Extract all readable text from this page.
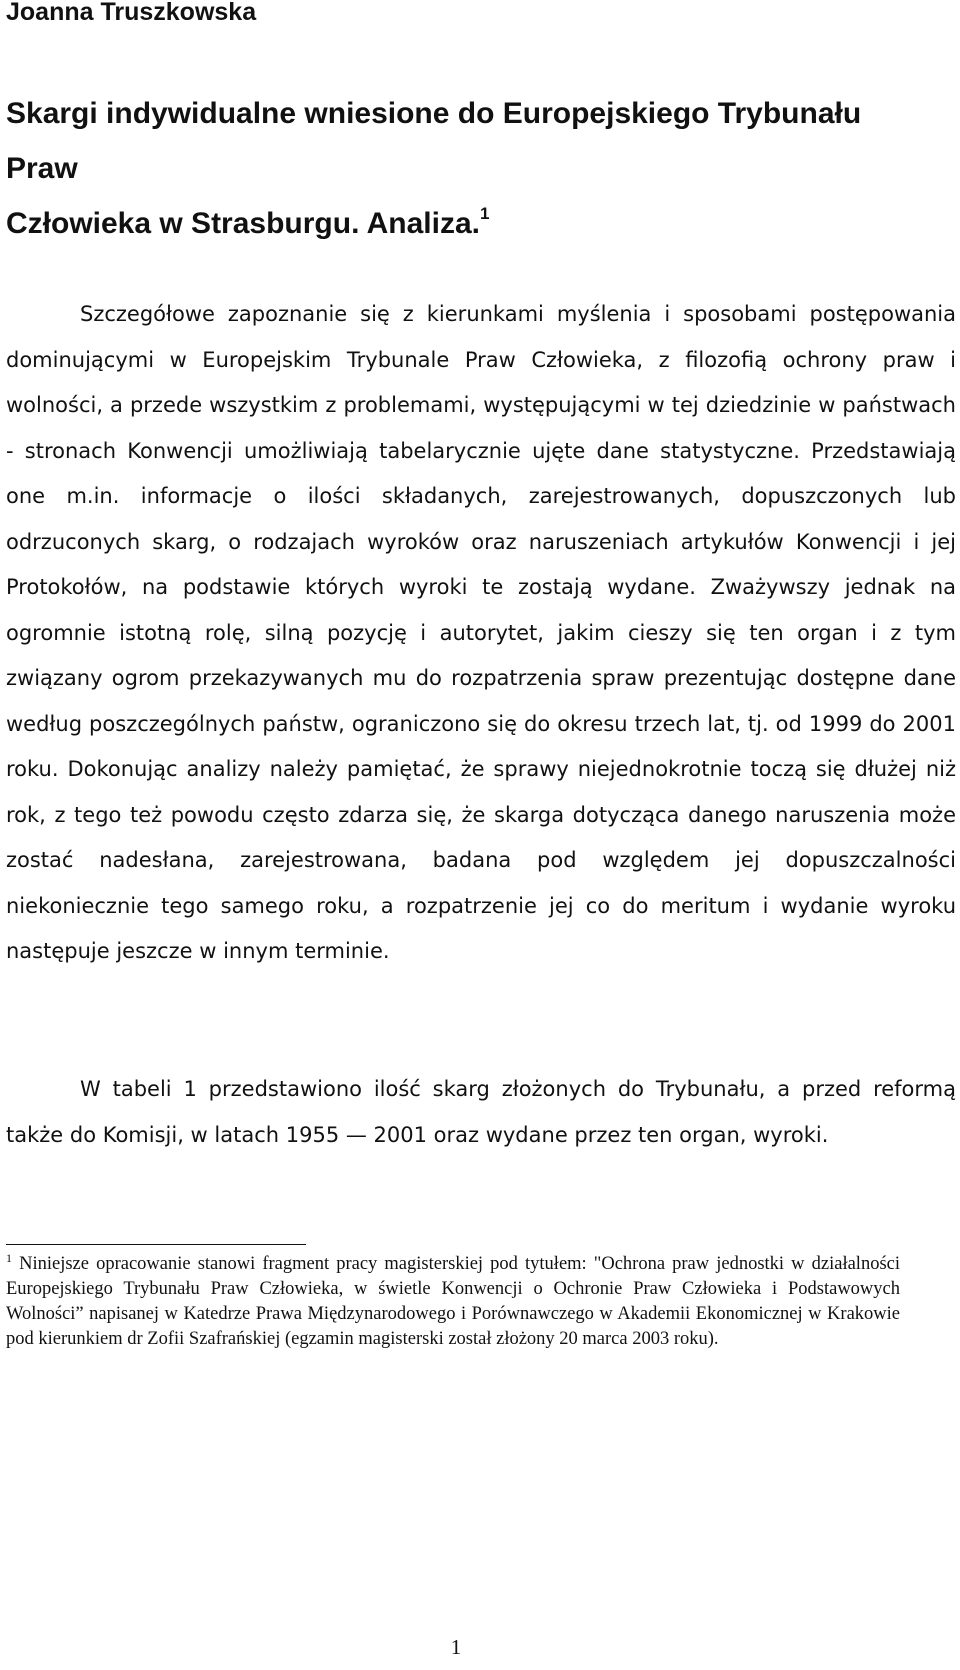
Joanna Truszkowska

Skargi indywidualne wniesione do Europejskiego Trybunału Praw
Człowieka w Strasburgu. Analiza.$^1$

Szczegółowe zapoznanie się z kierunkami myślenia i sposobami postępowania dominującymi w Europejskim Trybunale Praw Człowieka, z filozofią ochrony praw i wolności, a przede wszystkim z problemami, występującymi w tej dziedzinie w państwach - stronach Konwencji umożliwiają tabelarycznie ujęte dane statystyczne. Przedstawiają one m.in. informacje o ilości składanych, zarejestrowanych, dopuszczonych lub odrzuconych skarg, o rodzajach wyroków oraz naruszeniach artykułów Konwencji i jej Protokołów, na podstawie których wyroki te zostają wydane. Zważywszy jednak na ogromnie istotną rolę, silną pozycję i autorytet, jakim cieszy się ten organ i z tym związany ogrom przekazywanych mu do rozpatrzenia spraw prezentując dostępne dane według poszczególnych państw, ograniczono się do okresu trzech lat, tj. od 1999 do 2001 roku. Dokonując analizy należy pamiętać, że sprawy niejednokrotnie toczą się dłużej niż rok, z tego też powodu często zdarza się, że skarga dotycząca danego naruszenia może zostać nadesłana, zarejestrowana, badana pod względem jej dopuszczalności niekoniecznie tego samego roku, a rozpatrzenie jej co do meritum i wydanie wyroku następuje jeszcze w innym terminie.

W tabeli 1 przedstawiono ilość skarg złożonych do Trybunału, a przed reformą także do Komisji, w latach 1955 — 2001 oraz wydane przez ten organ, wyroki.

$^1$ Niniejsze opracowanie stanowi fragment pracy magisterskiej pod tytułem: "Ochrona praw jednostki w działalności Europejskiego Trybunału Praw Człowieka, w świetle Konwencji o Ochronie Praw Człowieka i Podstawowych Wolności” napisanej w Katedrze Prawa Międzynarodowego i Porównawczego w Akademii Ekonomicznej w Krakowie pod kierunkiem dr Zofii Szafrańskiej (egzamin magisterski został złożony 20 marca 2003 roku).

1
